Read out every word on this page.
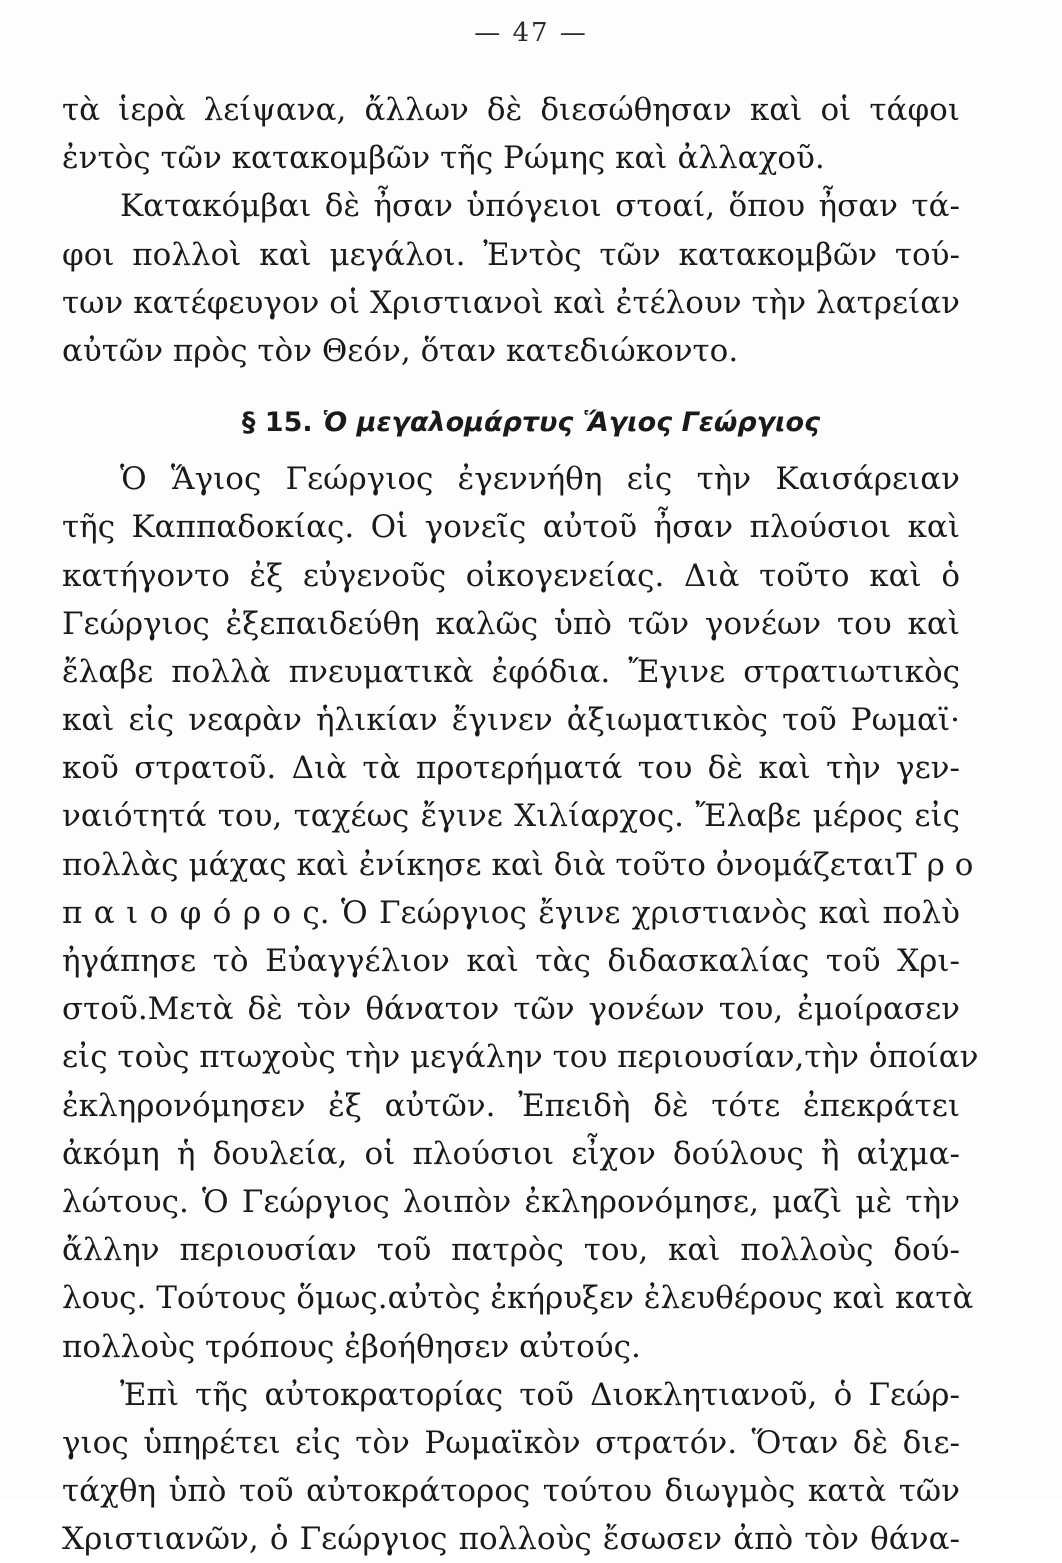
— 47 —
τὰ ἱερὰ λείψανα, ἄλλων δὲ διεσώθησαν καὶ οἱ τάφοι
ἐντὸς τῶν κατακομβῶν τῆς Ρώμης καὶ ἀλλαχοῦ.
Κατακόμβαι δὲ ἦσαν ὑπόγειοι στοαί, ὅπου ἦσαν τά-
φοι πολλοὶ καὶ μεγάλοι. Ἐντὸς τῶν κατακομβῶν τού-
των κατέφευγον οἱ Χριστιανοὶ καὶ ἐτέλουν τὴν λατρείαν
αὐτῶν πρὸς τὸν Θεόν, ὅταν κατεδιώκοντο.
§ 15. Ὁ μεγαλομάρτυς Ἅγιος Γεώργιος
Ὁ Ἅγιος Γεώργιος ἐγεννήθη εἰς τὴν Καισάρειαν
τῆς Καππαδοκίας. Οἱ γονεῖς αὐτοῦ ἦσαν πλούσιοι καὶ
κατήγοντο ἐξ εὐγενοῦς οἰκογενείας. Διὰ τοῦτο καὶ ὁ
Γεώργιος ἐξεπαιδεύθη καλῶς ὑπὸ τῶν γονέων του καὶ
ἔλαβε πολλὰ πνευματικὰ ἐφόδια. Ἔγινε στρατιωτικὸς
καὶ εἰς νεαρὰν ἡλικίαν ἔγινεν ἀξιωματικὸς τοῦ Ρωμαϊ·
κοῦ στρατοῦ. Διὰ τὰ προτερήματά του δὲ καὶ τὴν γεν-
ναιότητά του, ταχέως ἔγινε Χιλίαρχος. Ἔλαβε μέρος εἰς
πολλὰς μάχας καὶ ἐνίκησε καὶ διὰ τοῦτο ὀνομάζεταιΤ ρ ο
π α ι ο φ ό ρ ο ς. Ὁ Γεώργιος ἔγινε χριστιανὸς καὶ πολὺ
ἠγάπησε τὸ Εὐαγγέλιον καὶ τὰς διδασκαλίας τοῦ Χρι-
στοῦ.Μετὰ δὲ τὸν θάνατον τῶν γονέων του, ἐμοίρασεν
εἰς τοὺς πτωχοὺς τὴν μεγάλην του περιουσίαν,τὴν ὁποίαν
ἐκληρονόμησεν ἐξ αὐτῶν. Ἐπειδὴ δὲ τότε ἐπεκράτει
ἀκόμη ἡ δουλεία, οἱ πλούσιοι εἶχον δούλους ἢ αἰχμα-
λώτους. Ὁ Γεώργιος λοιπὸν ἐκληρονόμησε, μαζὶ μὲ τὴν
ἄλλην περιουσίαν τοῦ πατρὸς του, καὶ πολλοὺς δού-
λους. Τούτους ὅμως.αὐτὸς ἐκήρυξεν ἐλευθέρους καὶ κατὰ
πολλοὺς τρόπους ἐβοήθησεν αὐτούς.
Ἐπὶ τῆς αὐτοκρατορίας τοῦ Διοκλητιανοῦ, ὁ Γεώρ-
γιος ὑπηρέτει εἰς τὸν Ρωμαϊκὸν στρατόν. Ὅταν δὲ διε-
τάχθη ὑπὸ τοῦ αὐτοκράτορος τούτου διωγμὸς κατὰ τῶν
Χριστιανῶν, ὁ Γεώργιος πολλοὺς ἔσωσεν ἀπὸ τὸν θάνα-
